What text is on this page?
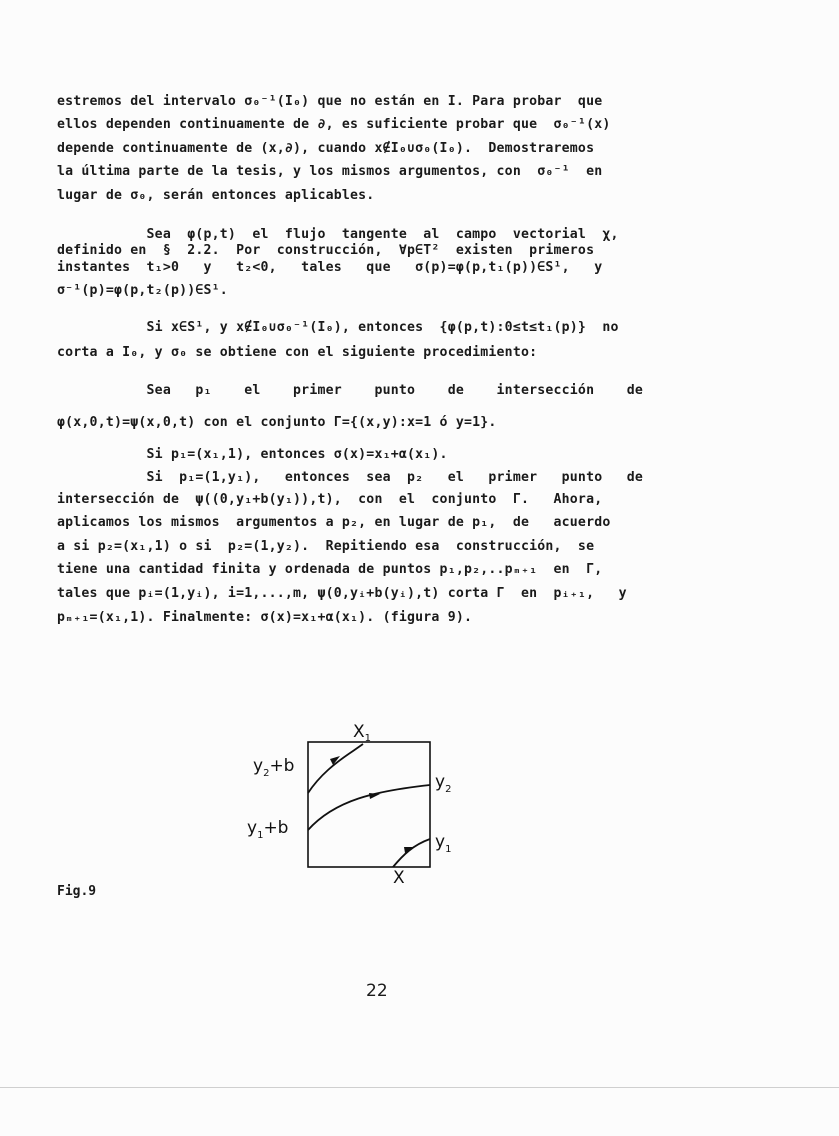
estremos del intervalo σ₀⁻¹(I₀) que no están en I. Para probar  que
ellos dependen continuamente de ∂, es suficiente probar que  σ₀⁻¹(x)
depende continuamente de (x,∂), cuando x∉I₀∪σ₀(I₀).  Demostraremos
la última parte de la tesis, y los mismos argumentos, con  σ₀⁻¹  en
lugar de σ₀, serán entonces aplicables.
Sea  φ(p,t)  el  flujo  tangente  al  campo  vectorial  χ,
definido en  §  2.2.  Por  construcción,  ∀p∈T²  existen  primeros
instantes  t₁>0   y   t₂<0,   tales   que   σ(p)=φ(p,t₁(p))∈S¹,   y
σ⁻¹(p)=φ(p,t₂(p))∈S¹.
Si x∈S¹, y x∉I₀∪σ₀⁻¹(I₀), entonces  {φ(p,t):0≤t≤t₁(p)}  no
corta a I₀, y σ₀ se obtiene con el siguiente procedimiento:
Sea   p₁    el    primer    punto    de    intersección    de
φ(x,0,t)=ψ(x,0,t) con el conjunto Γ={(x,y):x=1 ó y=1}.
Si p₁=(x₁,1), entonces σ(x)=x₁+α(x₁).
Si  p₁=(1,y₁),   entonces  sea  p₂   el   primer   punto   de
intersección de  ψ((0,y₁+b(y₁)),t),  con  el  conjunto  Γ.   Ahora,
aplicamos los mismos  argumentos a p₂, en lugar de p₁,  de   acuerdo
a si p₂=(x₁,1) o si  p₂=(1,y₂).  Repitiendo esa  construcción,  se
tiene una cantidad finita y ordenada de puntos p₁,p₂,..pₘ₊₁  en  Γ,
tales que pᵢ=(1,yᵢ), i=1,...,m, ψ(0,yᵢ+b(yᵢ),t) corta Γ  en  pᵢ₊₁,   y
pₘ₊₁=(x₁,1). Finalmente: σ(x)=x₁+α(x₁). (figura 9).
$X_1$
$y_2+b$
$y_1+b$
$y_2$
$y_1$
X
Fig.9
22
